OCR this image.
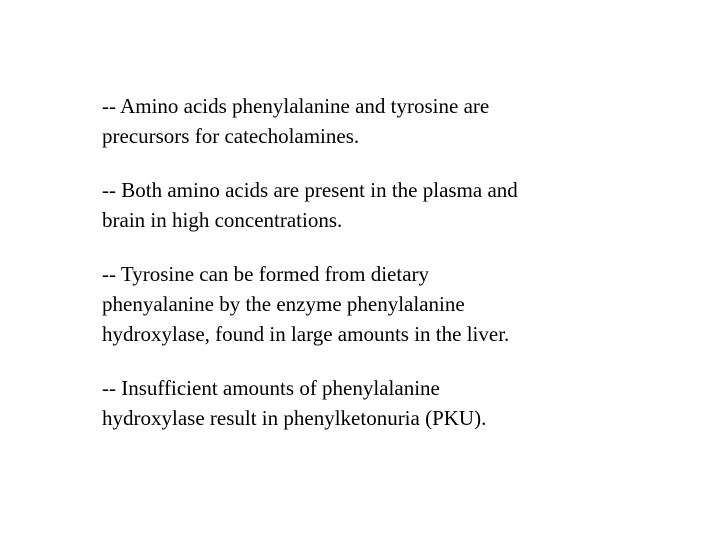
-- Amino acids phenylalanine and tyrosine are
precursors for catecholamines.

-- Both amino acids are present in the plasma and
brain in high concentrations.

-- Tyrosine can be formed from dietary
phenyalanine by the enzyme phenylalanine
hydroxylase, found in large amounts in the liver.

-- Insufficient amounts of phenylalanine
hydroxylase result in phenylketonuria (PKU).
